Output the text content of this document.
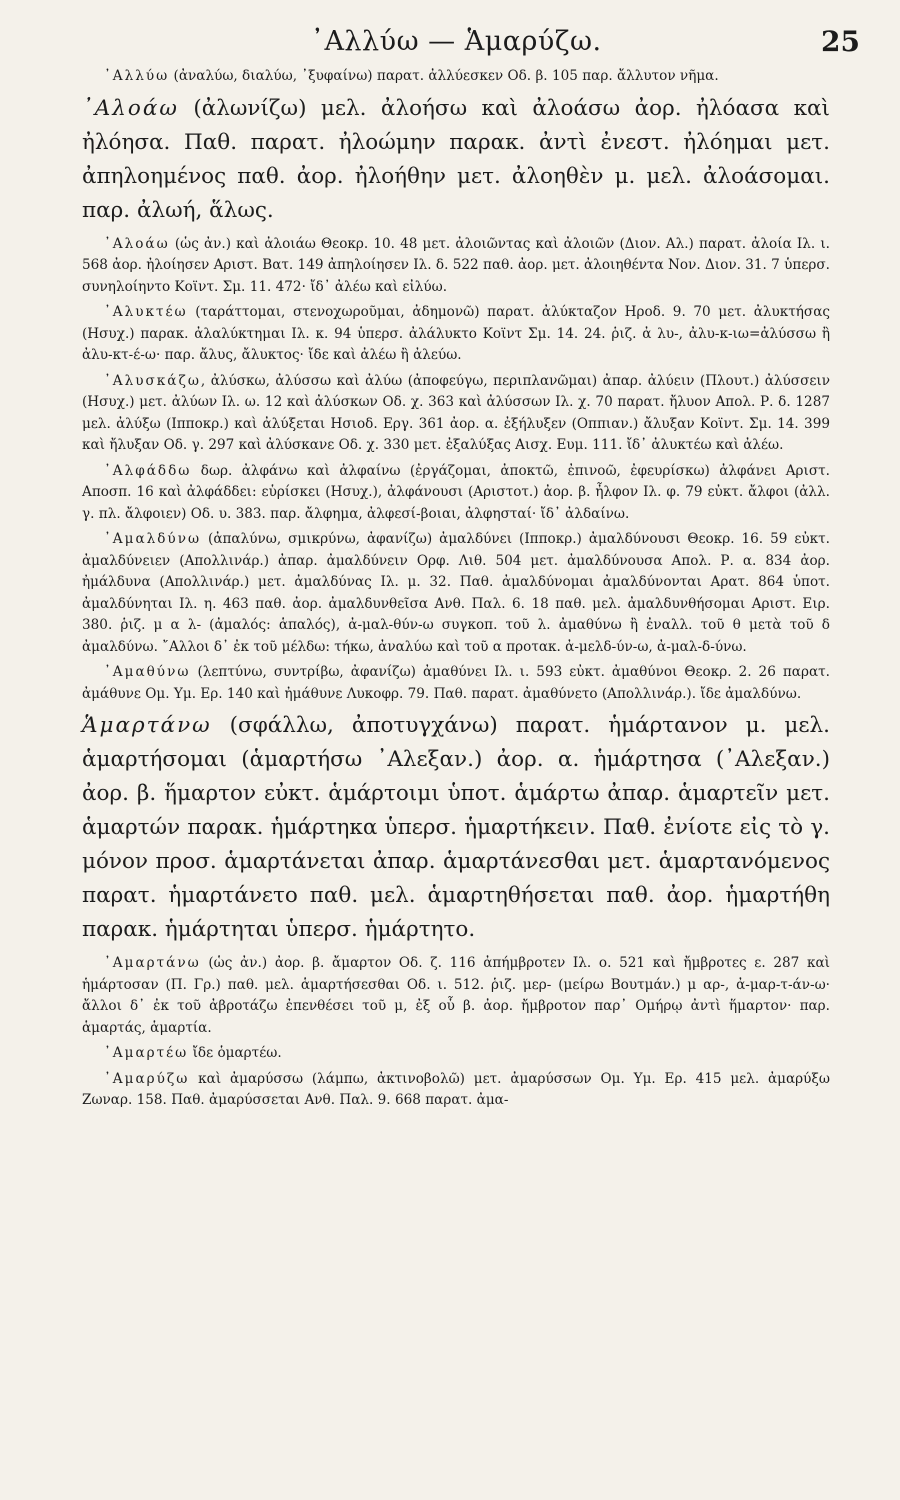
᾿Αλλύω — Ἁμαρύζω.	25

᾿Αλλύω (ἀναλύω, διαλύω, ᾿ξυφαίνω) παρατ. ἀλλύεσκεν Οδ. β. 105 παρ. ἄλλυτον νῆμα.

᾿Αλοάω (ἀλωνίζω) μελ. ἀλοήσω καὶ ἀλοάσω ἀορ. ἠλόασα καὶ ἠλόησα. Παθ. παρατ. ἠλοώμην παρακ. ἀντὶ ἐνεστ. ἠλόημαι μετ. ἀπηλοημένος παθ. ἀορ. ἠλοήθην μετ. ἀλοηθὲν μ. μελ. ἀλοάσομαι. παρ. ἀλωή, ἅλως.

᾿Αλοάω (ὡς ἀν.) καὶ ἀλοιάω Θεοκρ. 10. 48 μετ. ἀλοιῶντας καὶ ἀλοιῶν (Διον. Αλ.) παρατ. ἀλοία Ιλ. ι. 568 ἀορ. ἠλοίησεν Αριστ. Βατ. 149 ἀπηλοίησεν Ιλ. δ. 522 παθ. ἀορ. μετ. ἀλοιηθέντα Νον. Διον. 31. 7 ὑπερσ. συνηλοίηντο Κοϊντ. Σμ. 11. 472· ἴδ᾿ ἀλέω καὶ εἰλύω.

᾿Αλυκτέω (ταράττομαι, στενοχωροῦμαι, ἀδημονῶ) παρατ. ἀλύκταζον Ηροδ. 9. 70 μετ. ἀλυκτήσας (Ησυχ.) παρακ. ἀλαλύκτημαι Ιλ. κ. 94 ὑπερσ. ἀλάλυκτο Κοϊντ Σμ. 14. 24. ῥιζ. ἀ λυ-, ἀλυ-κ-ιω=ἀλύσσω ἢ ἀλυ-κτ-έ-ω· παρ. ἄλυς, ἄλυκτος· ἴδε καὶ ἀλέω ἢ ἀλεύω.

᾿Αλυσκάζω, ἀλύσκω, ἀλύσσω καὶ ἀλύω (ἀποφεύγω, περιπλανῶμαι) ἀπαρ. ἀλύειν (Πλουτ.) ἀλύσσειν (Ησυχ.) μετ. ἀλύων Ιλ. ω. 12 καὶ ἀλύσκων Οδ. χ. 363 καὶ ἀλύσσων Ιλ. χ. 70 παρατ. ἤλυον Απολ. Ρ. δ. 1287 μελ. ἀλύξω (Ιπποκρ.) καὶ ἀλύξεται Ησιοδ. Εργ. 361 ἀορ. α. ἐξήλυξεν (Οππιαν.) ἄλυξαν Κοϊντ. Σμ. 14. 399 καὶ ἤλυξαν Οδ. γ. 297 καὶ ἀλύσκανε Οδ. χ. 330 μετ. ἐξαλύξας Αισχ. Ευμ. 111. ἴδ᾿ ἀλυκτέω καὶ ἀλέω.

᾿Αλφάδδω δωρ. ἀλφάνω καὶ ἀλφαίνω (ἐργάζομαι, ἀποκτῶ, ἐπινοῶ, ἐφευρίσκω) ἀλφάνει Αριστ. Αποσπ. 16 καὶ ἀλφάδδει: εὑρίσκει (Ησυχ.), ἀλφάνουσι (Αριστοτ.) ἀορ. β. ἦλφον Ιλ. φ. 79 εὐκτ. ἄλφοι (ἀλλ. γ. πλ. ἄλφοιεν) Οδ. υ. 383. παρ. ἄλφημα, ἀλφεσί-βοιαι, ἀλφησταί· ἴδ᾿ ἀλδαίνω.

᾿Αμαλδύνω (ἀπαλύνω, σμικρύνω, ἀφανίζω) ἀμαλδύνει (Ιπποκρ.) ἀμαλδύνουσι Θεοκρ. 16. 59 εὐκτ. ἀμαλδύνειεν (Απολλινάρ.) ἀπαρ. ἀμαλδύνειν Ορφ. Λιθ. 504 μετ. ἀμαλδύνουσα Απολ. Ρ. α. 834 ἀορ. ἠμάλδυνα (Απολλινάρ.) μετ. ἀμαλδύνας Ιλ. μ. 32. Παθ. ἀμαλδύνομαι ἀμαλδύνονται Αρατ. 864 ὑποτ. ἀμαλδύνηται Ιλ. η. 463 παθ. ἀορ. ἀμαλδυνθεῖσα Ανθ. Παλ. 6. 18 παθ. μελ. ἀμαλδυνθήσομαι Αριστ. Ειρ. 380. ῥιζ. μ α λ- (ἀμαλός: ἁπαλός), ἀ-μαλ-θύν-ω συγκοπ. τοῦ λ. ἀμαθύνω ἢ ἐναλλ. τοῦ θ μετὰ τοῦ δ ἀμαλδύνω. ῎Αλλοι δ᾿ ἐκ τοῦ μέλδω: τήκω, ἀναλύω καὶ τοῦ α προτακ. ἀ-μελδ-ύν-ω, ἀ-μαλ-δ-ύνω.

᾿Αμαθύνω (λεπτύνω, συντρίβω, ἀφανίζω) ἀμαθύνει Ιλ. ι. 593 εὐκτ. ἀμαθύνοι Θεοκρ. 2. 26 παρατ. ἀμάθυνε Ομ. Υμ. Ερ. 140 καὶ ἠμάθυνε Λυκοφρ. 79. Παθ. παρατ. ἀμαθύνετο (Απολλινάρ.). ἴδε ἀμαλδύνω.

Ἁμαρτάνω (σφάλλω, ἀποτυγχάνω) παρατ. ἡμάρτανον μ. μελ. ἁμαρτήσομαι (ἁμαρτήσω ᾿Αλεξαν.) ἀορ. α. ἡμάρτησα (᾿Αλεξαν.) ἀορ. β. ἥμαρτον εὐκτ. ἁμάρτοιμι ὑποτ. ἁμάρτω ἀπαρ. ἁμαρτεῖν μετ. ἁμαρτών παρακ. ἡμάρτηκα ὑπερσ. ἡμαρτήκειν. Παθ. ἐνίοτε εἰς τὸ γ. μόνον προσ. ἁμαρτάνεται ἀπαρ. ἁμαρτάνεσθαι μετ. ἁμαρτανόμενος παρατ. ἡμαρτάνετο παθ. μελ. ἁμαρτηθήσεται παθ. ἀορ. ἡμαρτήθη παρακ. ἡμάρτηται ὑπερσ. ἡμάρτητο.

᾿Αμαρτάνω (ὡς ἀν.) ἀορ. β. ἄμαρτον Οδ. ζ. 116 ἀπήμβροτεν Ιλ. ο. 521 καὶ ἤμβροτες ε. 287 καὶ ἡμάρτοσαν (Π. Γρ.) παθ. μελ. ἁμαρτήσεσθαι Οδ. ι. 512. ῥιζ. μερ- (μείρω Βουτμάν.) μ αρ-, ἀ-μαρ-τ-άν-ω· ἄλλοι δ᾿ ἐκ τοῦ ἀβροτάζω ἐπενθέσει τοῦ μ, ἐξ οὗ β. ἀορ. ἤμβροτον παρ᾿ Ομήρῳ ἀντὶ ἥμαρτον· παρ. ἁμαρτάς, ἁμαρτία.

᾿Αμαρτέω ἴδε ὁμαρτέω.

᾿Αμαρύζω καὶ ἀμαρύσσω (λάμπω, ἀκτινοβολῶ) μετ. ἀμαρύσσων Ομ. Υμ. Ερ. 415 μελ. ἀμαρύξω Ζωναρ. 158. Παθ. ἀμαρύσσεται Ανθ. Παλ. 9. 668 παρατ. ἀμα-
